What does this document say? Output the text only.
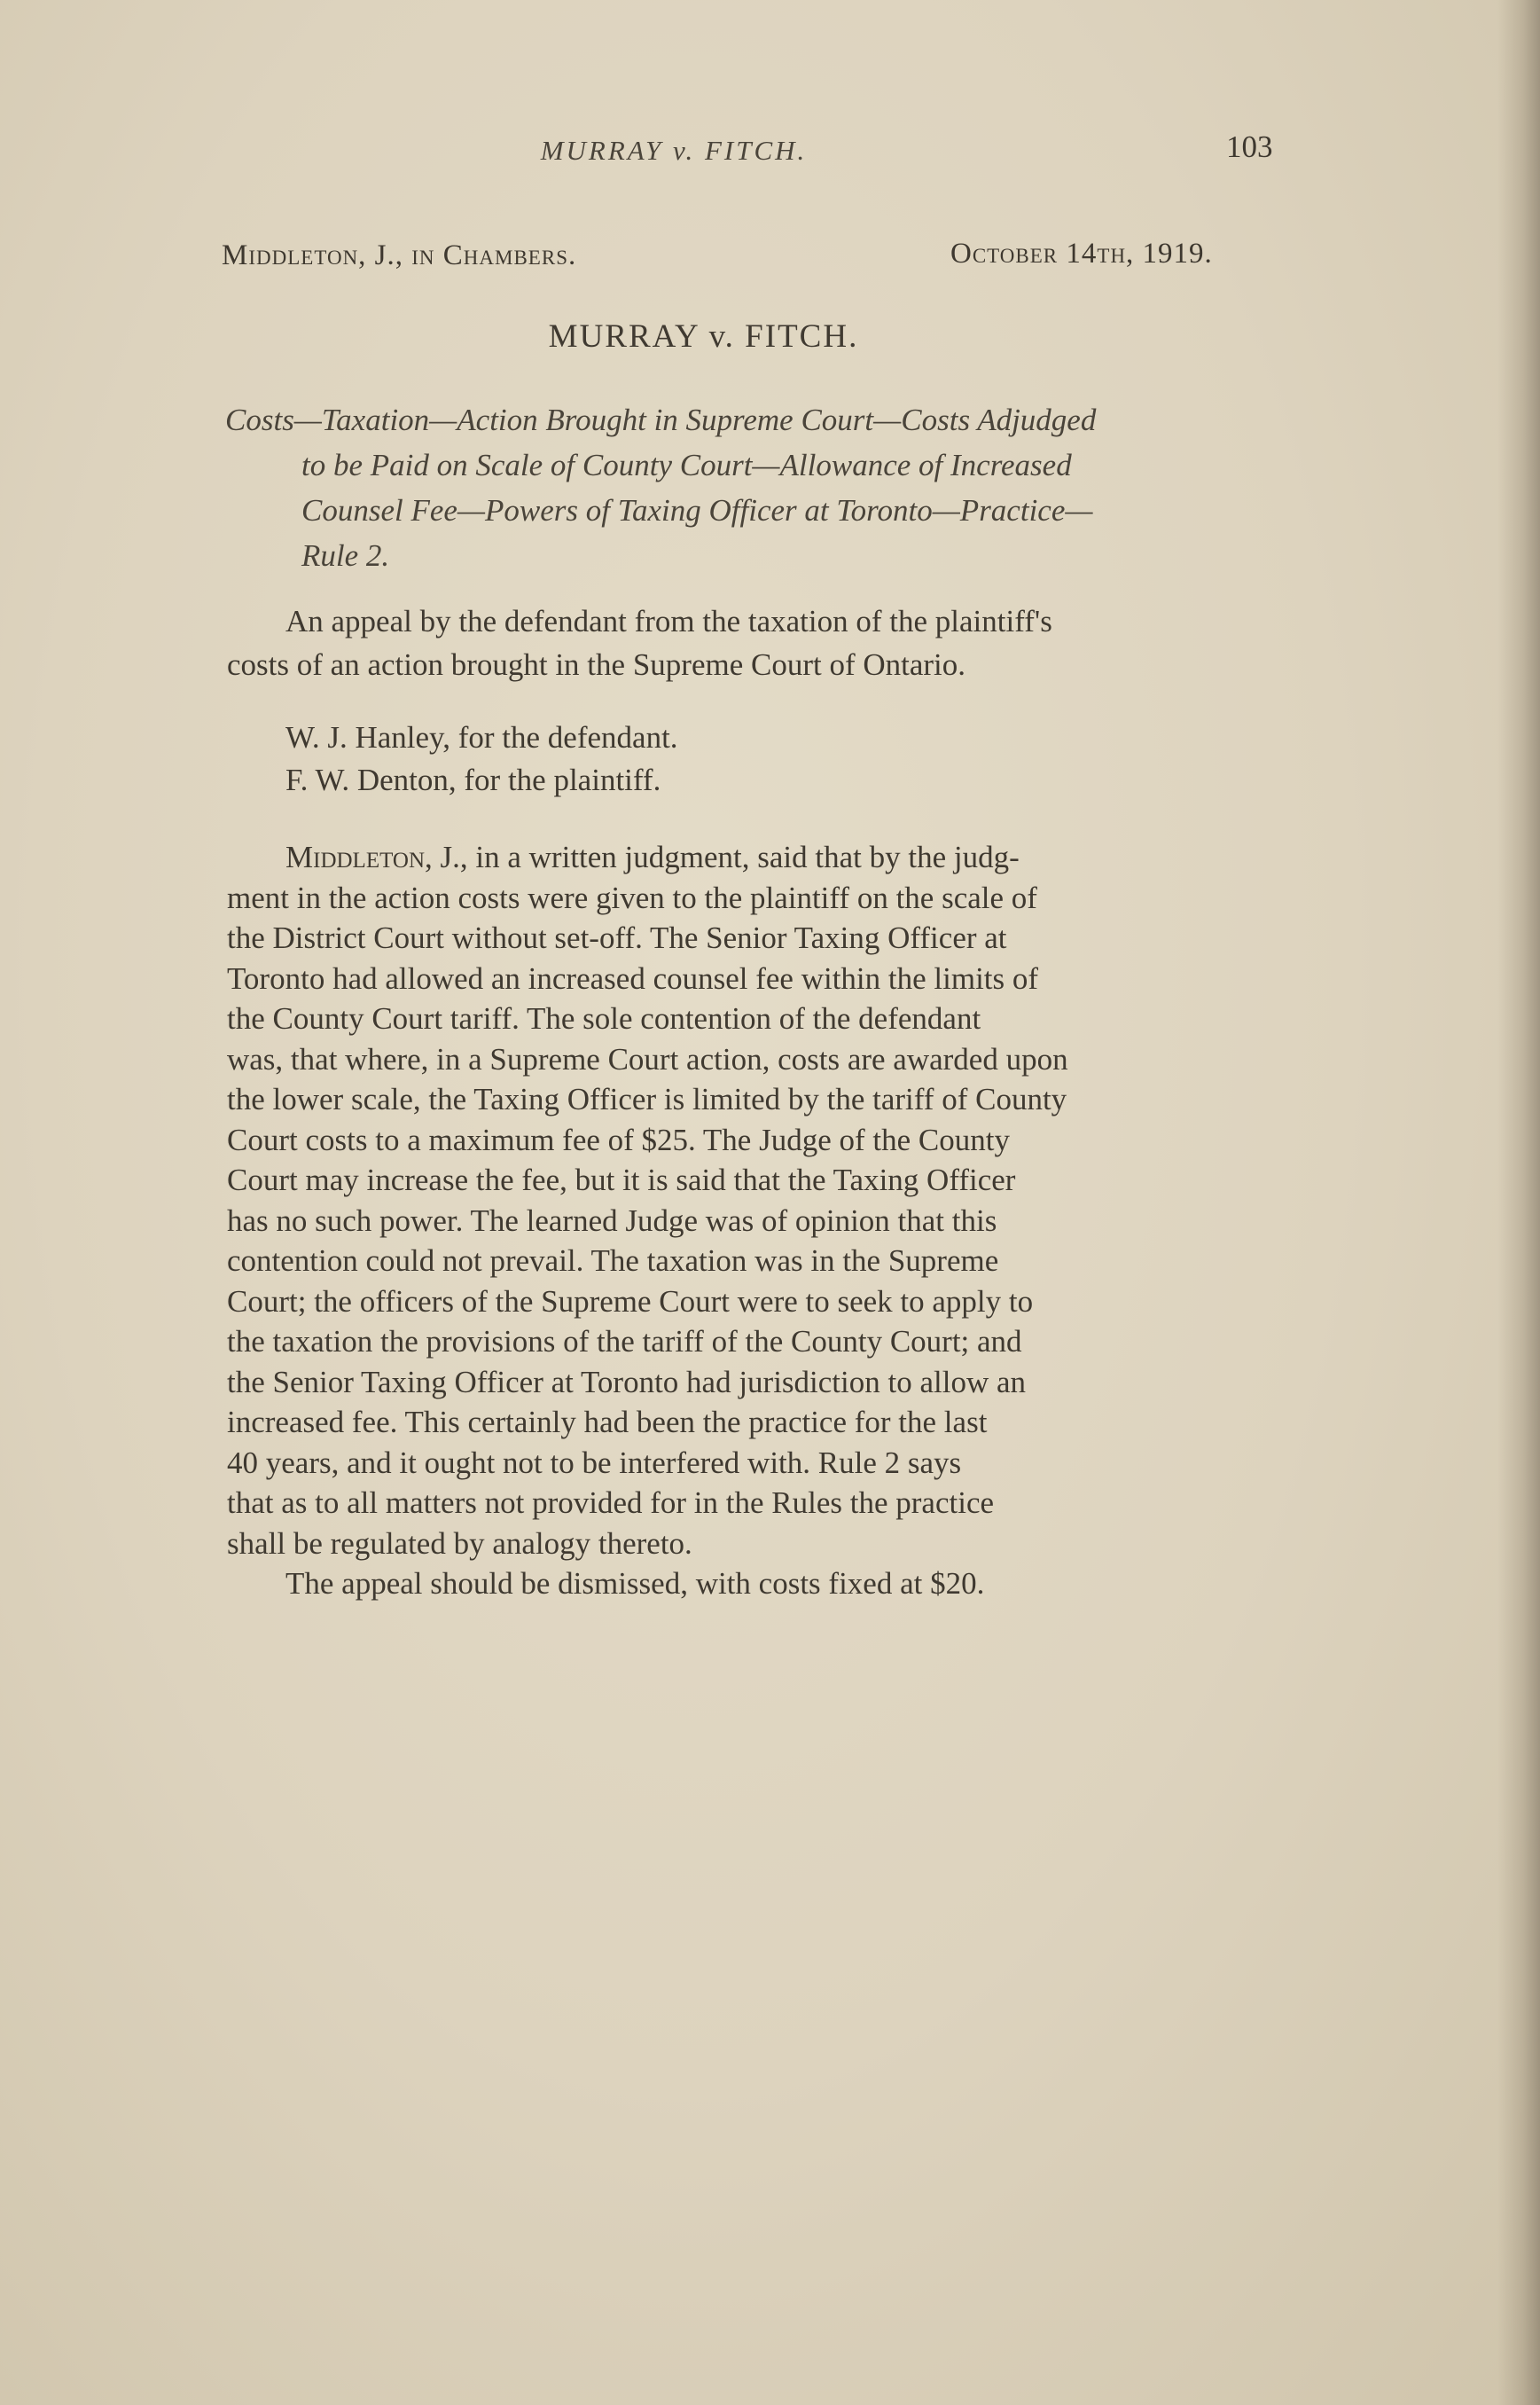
MURRAY v. FITCH.	103
Middleton, J., in Chambers.	October 14th, 1919.
MURRAY v. FITCH.
Costs—Taxation—Action Brought in Supreme Court—Costs Adjudged
to be Paid on Scale of County Court—Allowance of Increased
Counsel Fee—Powers of Taxing Officer at Toronto—Practice—
Rule 2.
An appeal by the defendant from the taxation of the plaintiff's
costs of an action brought in the Supreme Court of Ontario.
W. J. Hanley, for the defendant.
F. W. Denton, for the plaintiff.
Middleton, J., in a written judgment, said that by the judg-
ment in the action costs were given to the plaintiff on the scale of
the District Court without set-off. The Senior Taxing Officer at
Toronto had allowed an increased counsel fee within the limits of
the County Court tariff. The sole contention of the defendant
was, that where, in a Supreme Court action, costs are awarded upon
the lower scale, the Taxing Officer is limited by the tariff of County
Court costs to a maximum fee of $25. The Judge of the County
Court may increase the fee, but it is said that the Taxing Officer
has no such power. The learned Judge was of opinion that this
contention could not prevail. The taxation was in the Supreme
Court; the officers of the Supreme Court were to seek to apply to
the taxation the provisions of the tariff of the County Court; and
the Senior Taxing Officer at Toronto had jurisdiction to allow an
increased fee. This certainly had been the practice for the last
40 years, and it ought not to be interfered with. Rule 2 says
that as to all matters not provided for in the Rules the practice
shall be regulated by analogy thereto.
The appeal should be dismissed, with costs fixed at $20.
